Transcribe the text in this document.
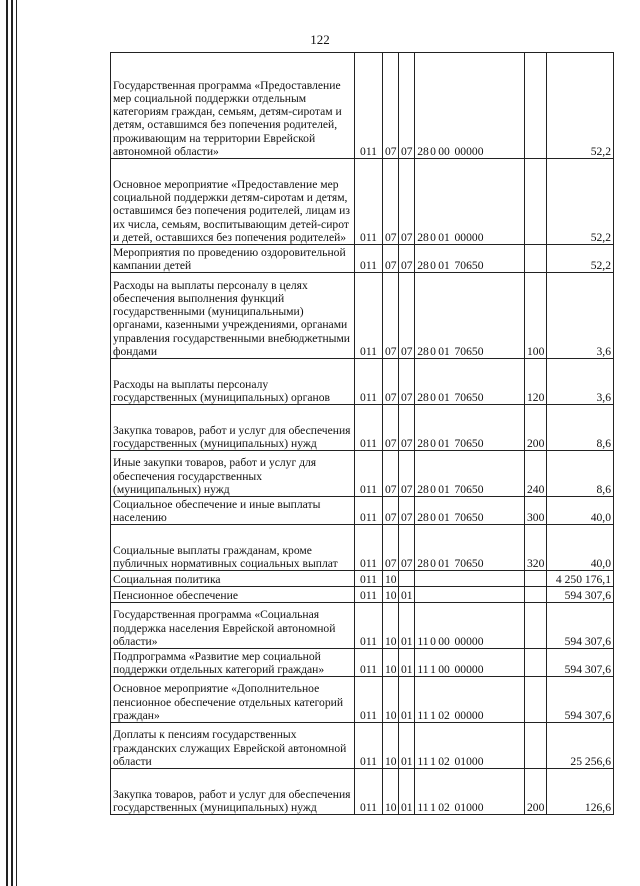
122
Государственная программа «Предоставление мер социальной поддержки отдельным категориям граждан, семьям, детям-сиротам и детям, оставшимся без попечения родителей, проживающим на территории Еврейской автономной области»	011	07	07	280 00 00000		52,2
Основное мероприятие «Предоставление мер социальной поддержки детям-сиротам и детям, оставшимся без попечения родителей, лицам из их числа, семьям, воспитывающим детей-сирот и детей, оставшихся без попечения родителей»	011	07	07	280 01 00000		52,2
Мероприятия по проведению оздоровительной кампании детей	011	07	07	280 01 70650		52,2
Расходы на выплаты персоналу в целях обеспечения выполнения функций государственными (муниципальными) органами, казенными учреждениями, органами управления государственными внебюджетными фондами	011	07	07	280 01 70650	100	3,6
Расходы на выплаты персоналу государственных (муниципальных) органов	011	07	07	280 01 70650	120	3,6
Закупка товаров, работ и услуг для обеспечения государственных (муниципальных) нужд	011	07	07	280 01 70650	200	8,6
Иные закупки товаров, работ и услуг для обеспечения государственных (муниципальных) нужд	011	07	07	280 01 70650	240	8,6
Социальное обеспечение и иные выплаты населению	011	07	07	280 01 70650	300	40,0
Социальные выплаты гражданам, кроме публичных нормативных социальных выплат	011	07	07	280 01 70650	320	40,0
Социальная политика	011	10				4 250 176,1
Пенсионное обеспечение	011	10	01			594 307,6
Государственная программа «Социальная поддержка населения Еврейской автономной области»	011	10	01	11 0 00 00000		594 307,6
Подпрограмма «Развитие мер социальной поддержки отдельных категорий граждан»	011	10	01	11 1 00 00000		594 307,6
Основное мероприятие «Дополнительное пенсионное обеспечение отдельных категорий граждан»	011	10	01	11 1 02 00000		594 307,6
Доплаты к пенсиям государственных гражданских служащих Еврейской автономной области	011	10	01	11 1 02 01000		25 256,6
Закупка товаров, работ и услуг для обеспечения государственных (муниципальных) нужд	011	10	01	11 1 02 01000	200	126,6
